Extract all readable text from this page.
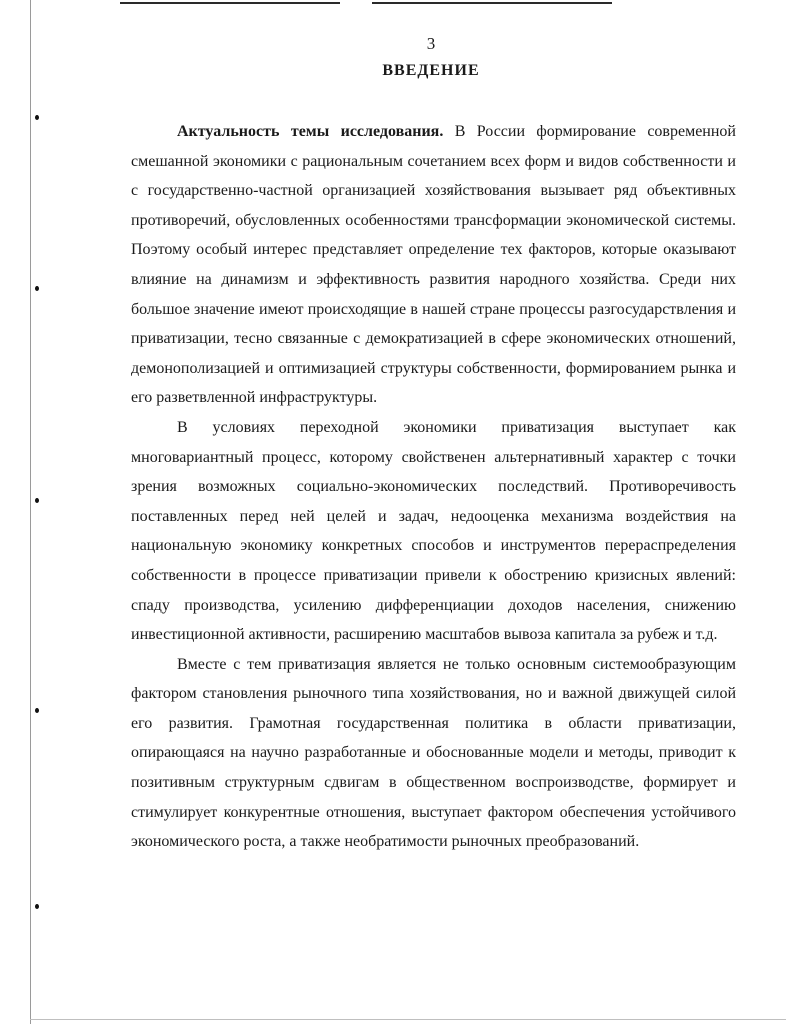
3
ВВЕДЕНИЕ

Актуальность темы исследования. В России формирование современной смешанной экономики с рациональным сочетанием всех форм и видов собственности и с государственно-частной организацией хозяйствования вызывает ряд объективных противоречий, обусловленных особенностями трансформации экономической системы. Поэтому особый интерес представляет определение тех факторов, которые оказывают влияние на динамизм и эффективность развития народного хозяйства. Среди них большое значение имеют происходящие в нашей стране процессы разгосударствления и приватизации, тесно связанные с демократизацией в сфере экономических отношений, демонополизацией и оптимизацией структуры собственности, формированием рынка и его разветвленной инфраструктуры.

В условиях переходной экономики приватизация выступает как многовариантный процесс, которому свойственен альтернативный характер с точки зрения возможных социально-экономических последствий. Противоречивость поставленных перед ней целей и задач, недооценка механизма воздействия на национальную экономику конкретных способов и инструментов перераспределения собственности в процессе приватизации привели к обострению кризисных явлений: спаду производства, усилению дифференциации доходов населения, снижению инвестиционной активности, расширению масштабов вывоза капитала за рубеж и т.д.

Вместе с тем приватизация является не только основным системообразующим фактором становления рыночного типа хозяйствования, но и важной движущей силой его развития. Грамотная государственная политика в области приватизации, опирающаяся на научно разработанные и обоснованные модели и методы, приводит к позитивным структурным сдвигам в общественном воспроизводстве, формирует и стимулирует конкурентные отношения, выступает фактором обеспечения устойчивого экономического роста, а также необратимости рыночных преобразований.
